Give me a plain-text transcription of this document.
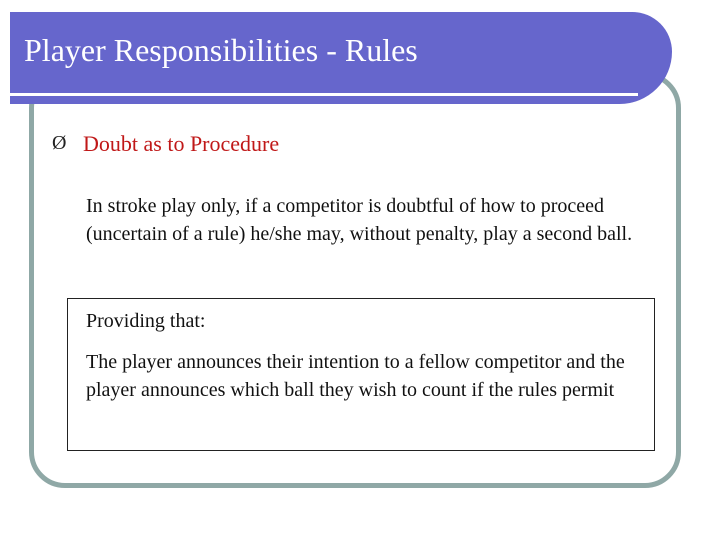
Player Responsibilities - Rules
Ø Doubt as to Procedure

In stroke play only, if a competitor is doubtful of how to proceed (uncertain of a rule) he/she may, without penalty, play a second ball.

Providing that:

The player announces their intention to a fellow competitor and the player announces which ball they wish to count if the rules permit
